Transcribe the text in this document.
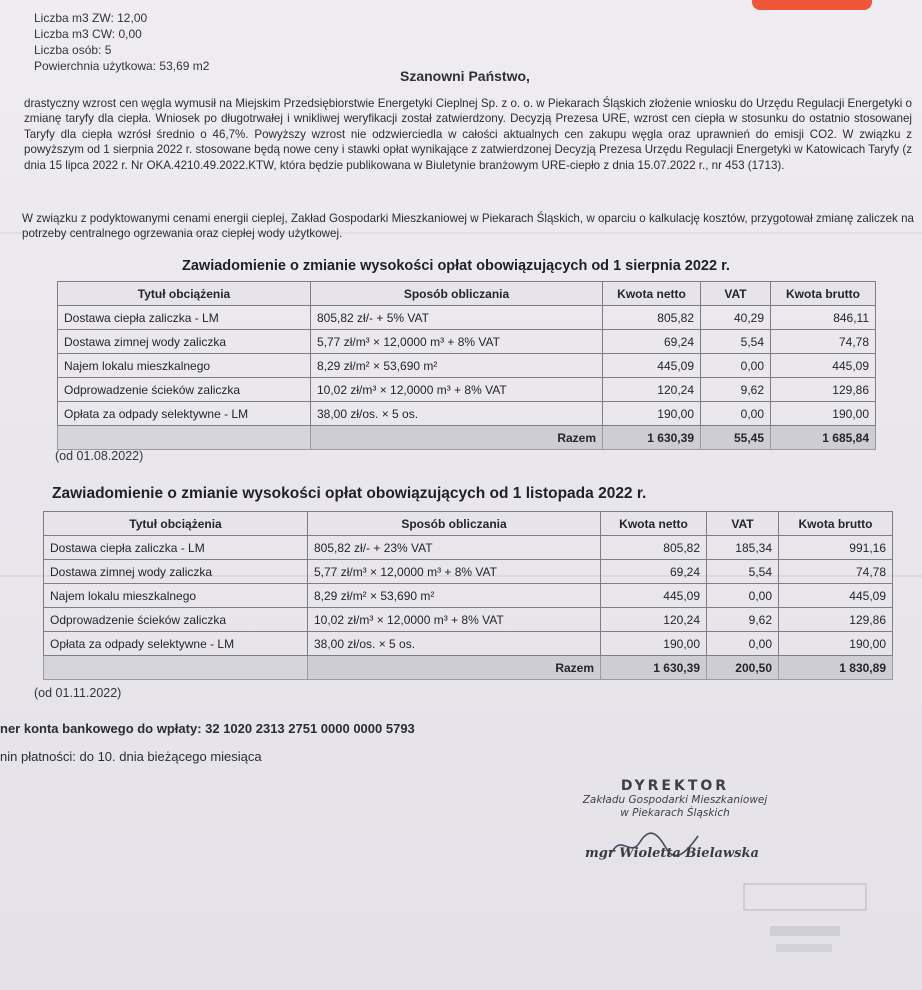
Liczba m3 ZW: 12,00
Liczba m3 CW: 0,00
Liczba osób: 5
Powierchnia użytkowa: 53,69 m2
Szanowni Państwo,
drastyczny wzrost cen węgla wymusił na Miejskim Przedsiębiorstwie Energetyki Cieplnej Sp. z o. o. w Piekarach Śląskich złożenie wniosku do Urzędu Regulacji Energetyki o zmianę taryfy dla ciepła. Wniosek po długotrwałej i wnikliwej weryfikacji został zatwierdzony. Decyzją Prezesa URE, wzrost cen ciepła w stosunku do ostatnio stosowanej Taryfy dla ciepła wzrósł średnio o 46,7%. Powyższy wzrost nie odzwierciedla w całości aktualnych cen zakupu węgla oraz uprawnień do emisji CO2. W związku z powyższym od 1 sierpnia 2022 r. stosowane będą nowe ceny i stawki opłat wynikające z zatwierdzonej Decyzją Prezesa Urzędu Regulacji Energetyki w Katowicach Taryfy (z dnia 15 lipca 2022 r. Nr OKA.4210.49.2022.KTW, która będzie publikowana w Biuletynie branżowym URE-ciepło z dnia 15.07.2022 r., nr 453 (1713).
W związku z podyktowanymi cenami energii cieplej, Zakład Gospodarki Mieszkaniowej w Piekarach Śląskich, w oparciu o kalkulację kosztów, przygotował zmianę zaliczek na potrzeby centralnego ogrzewania oraz ciepłej wody użytkowej.
Zawiadomienie o zmianie wysokości opłat obowiązujących od 1 sierpnia 2022 r.
Tytuł obciążenia	Sposób obliczania	Kwota netto	VAT	Kwota brutto
Dostawa ciepła zaliczka - LM	805,82 zł/- + 5% VAT	805,82	40,29	846,11
Dostawa zimnej wody zaliczka	5,77 zł/m³ × 12,0000 m³ + 8% VAT	69,24	5,54	74,78
Najem lokalu mieszkalnego	8,29 zł/m² × 53,690 m²	445,09	0,00	445,09
Odprowadzenie ścieków zaliczka	10,02 zł/m³ × 12,0000 m³ + 8% VAT	120,24	9,62	129,86
Opłata za odpady selektywne - LM	38,00 zł/os. × 5 os.	190,00	0,00	190,00
	Razem	1 630,39	55,45	1 685,84
(od 01.08.2022)
Zawiadomienie o zmianie wysokości opłat obowiązujących od 1 listopada 2022 r.
Tytuł obciążenia	Sposób obliczania	Kwota netto	VAT	Kwota brutto
Dostawa ciepła zaliczka - LM	805,82 zł/- + 23% VAT	805,82	185,34	991,16
Dostawa zimnej wody zaliczka	5,77 zł/m³ × 12,0000 m³ + 8% VAT	69,24	5,54	74,78
Najem lokalu mieszkalnego	8,29 zł/m² × 53,690 m²	445,09	0,00	445,09
Odprowadzenie ścieków zaliczka	10,02 zł/m³ × 12,0000 m³ + 8% VAT	120,24	9,62	129,86
Opłata za odpady selektywne - LM	38,00 zł/os. × 5 os.	190,00	0,00	190,00
	Razem	1 630,39	200,50	1 830,89
(od 01.11.2022)
ner konta bankowego do wpłaty: 32 1020 2313 2751 0000 0000 5793
nin płatności: do 10. dnia bieżącego miesiąca
DYREKTOR
Zakładu Gospodarki Mieszkaniowej
w Piekarach Śląskich
mgr Wioletta Bielawska
